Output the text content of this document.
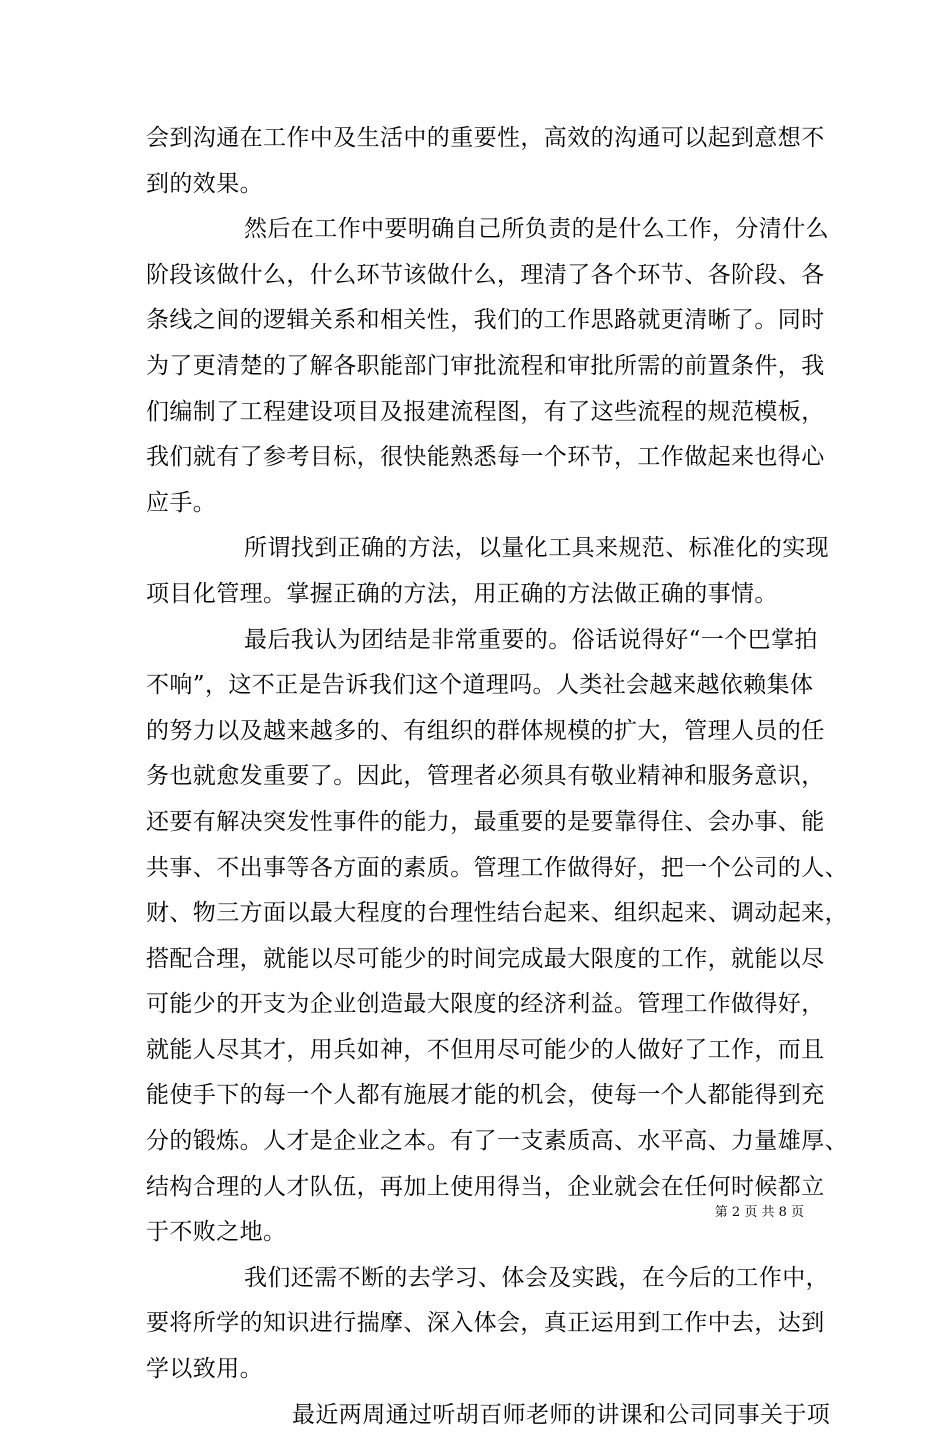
会到沟通在工作中及生活中的重要性，高效的沟通可以起到意想不
到的效果。
然后在工作中要明确自己所负责的是什么工作，分清什么
阶段该做什么，什么环节该做什么，理清了各个环节、各阶段、各
条线之间的逻辑关系和相关性，我们的工作思路就更清晰了。同时
为了更清楚的了解各职能部门审批流程和审批所需的前置条件，我
们编制了工程建设项目及报建流程图，有了这些流程的规范模板，
我们就有了参考目标，很快能熟悉每一个环节，工作做起来也得心
应手。
所谓找到正确的方法，以量化工具来规范、标准化的实现
项目化管理。掌握正确的方法，用正确的方法做正确的事情。
最后我认为团结是非常重要的。俗话说得好“一个巴掌拍
不响”，这不正是告诉我们这个道理吗。人类社会越来越依赖集体
的努力以及越来越多的、有组织的群体规模的扩大，管理人员的任
务也就愈发重要了。因此，管理者必须具有敬业精神和服务意识，
还要有解决突发性事件的能力，最重要的是要靠得住、会办事、能
共事、不出事等各方面的素质。管理工作做得好，把一个公司的人、
财、物三方面以最大程度的台理性结台起来、组织起来、调动起来，
搭配合理，就能以尽可能少的时间完成最大限度的工作，就能以尽
可能少的开支为企业创造最大限度的经济利益。管理工作做得好，
就能人尽其才，用兵如神，不但用尽可能少的人做好了工作，而且
能使手下的每一个人都有施展才能的机会，使每一个人都能得到充
分的锻炼。人才是企业之本。有了一支素质高、水平高、力量雄厚、
结构合理的人才队伍，再加上使用得当，企业就会在任何时候都立
于不败之地。
我们还需不断的去学习、体会及实践，在今后的工作中，
要将所学的知识进行揣摩、深入体会，真正运用到工作中去，达到
学以致用。
最近两周通过听胡百师老师的讲课和公司同事关于项
第 2 页 共 8 页
